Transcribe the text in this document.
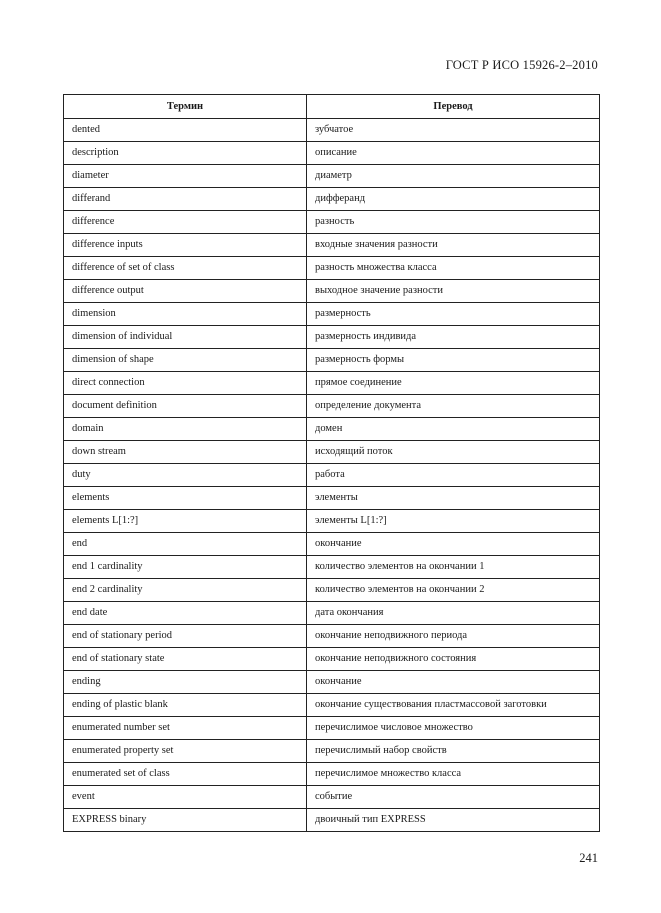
ГОСТ Р ИСО 15926-2–2010
Термин	Перевод
dented	зубчатое
description	описание
diameter	диаметр
differand	дифферанд
difference	разность
difference inputs	входные значения разности
difference of set of class	разность множества класса
difference output	выходное значение разности
dimension	размерность
dimension of individual	размерность индивида
dimension of shape	размерность формы
direct connection	прямое соединение
document definition	определение документа
domain	домен
down stream	исходящий поток
duty	работа
elements	элементы
elements L[1:?]	элементы L[1:?]
end	окончание
end 1 cardinality	количество элементов на окончании 1
end 2 cardinality	количество элементов на окончании 2
end date	дата окончания
end of stationary period	окончание неподвижного периода
end of stationary state	окончание неподвижного состояния
ending	окончание
ending of plastic blank	окончание существования пластмассовой заготовки
enumerated number set	перечислимое числовое множество
enumerated property set	перечислимый набор свойств
enumerated set of class	перечислимое множество класса
event	событие
EXPRESS binary	двоичный тип EXPRESS
241
